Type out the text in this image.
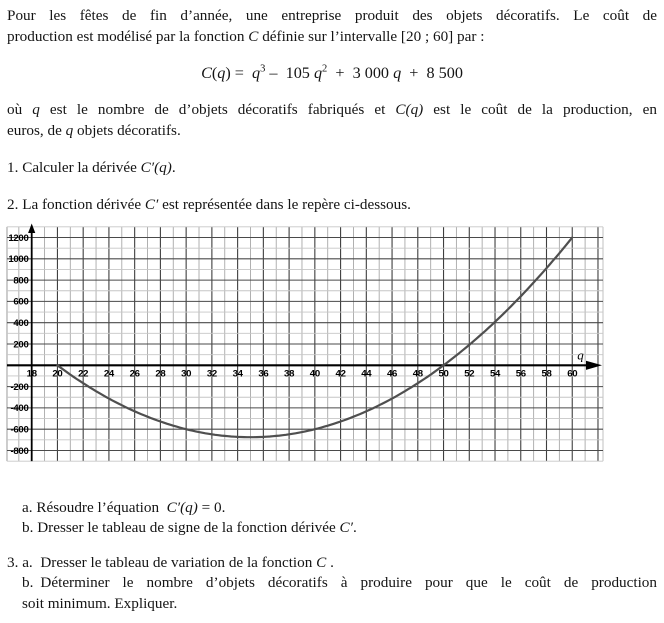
Pour les fêtes de fin d’année, une entreprise produit des objets décoratifs. Le coût de
production est modélisé par la fonction C définie sur l’intervalle [20 ; 60] par :

$C(q) = q^3 - 105$ $q^2 + 3$ 000 q  +  8 500

où q est le nombre de d’objets décoratifs fabriqués et C(q) est le coût de la production, en
euros, de q objets décoratifs.

1. Calculer la dérivée C′(q).

2. La fonction dérivée C′ est représentée dans le repère ci-dessous.

18 20 22 24 26 28 30 32 34 36 38 40 42 44 46 48 50 52 54 56 58 60
-800
-600
-400
-200
200
400
600
800
1000
1200
q

a. Résoudre l’équation  C′(q) = 0.

b. Dresser le tableau de signe de la fonction dérivée C′.

3. a.  Dresser le tableau de variation de la fonction C .

b. Déterminer le nombre d’objets décoratifs à produire pour que le coût de production
soit minimum. Expliquer.
